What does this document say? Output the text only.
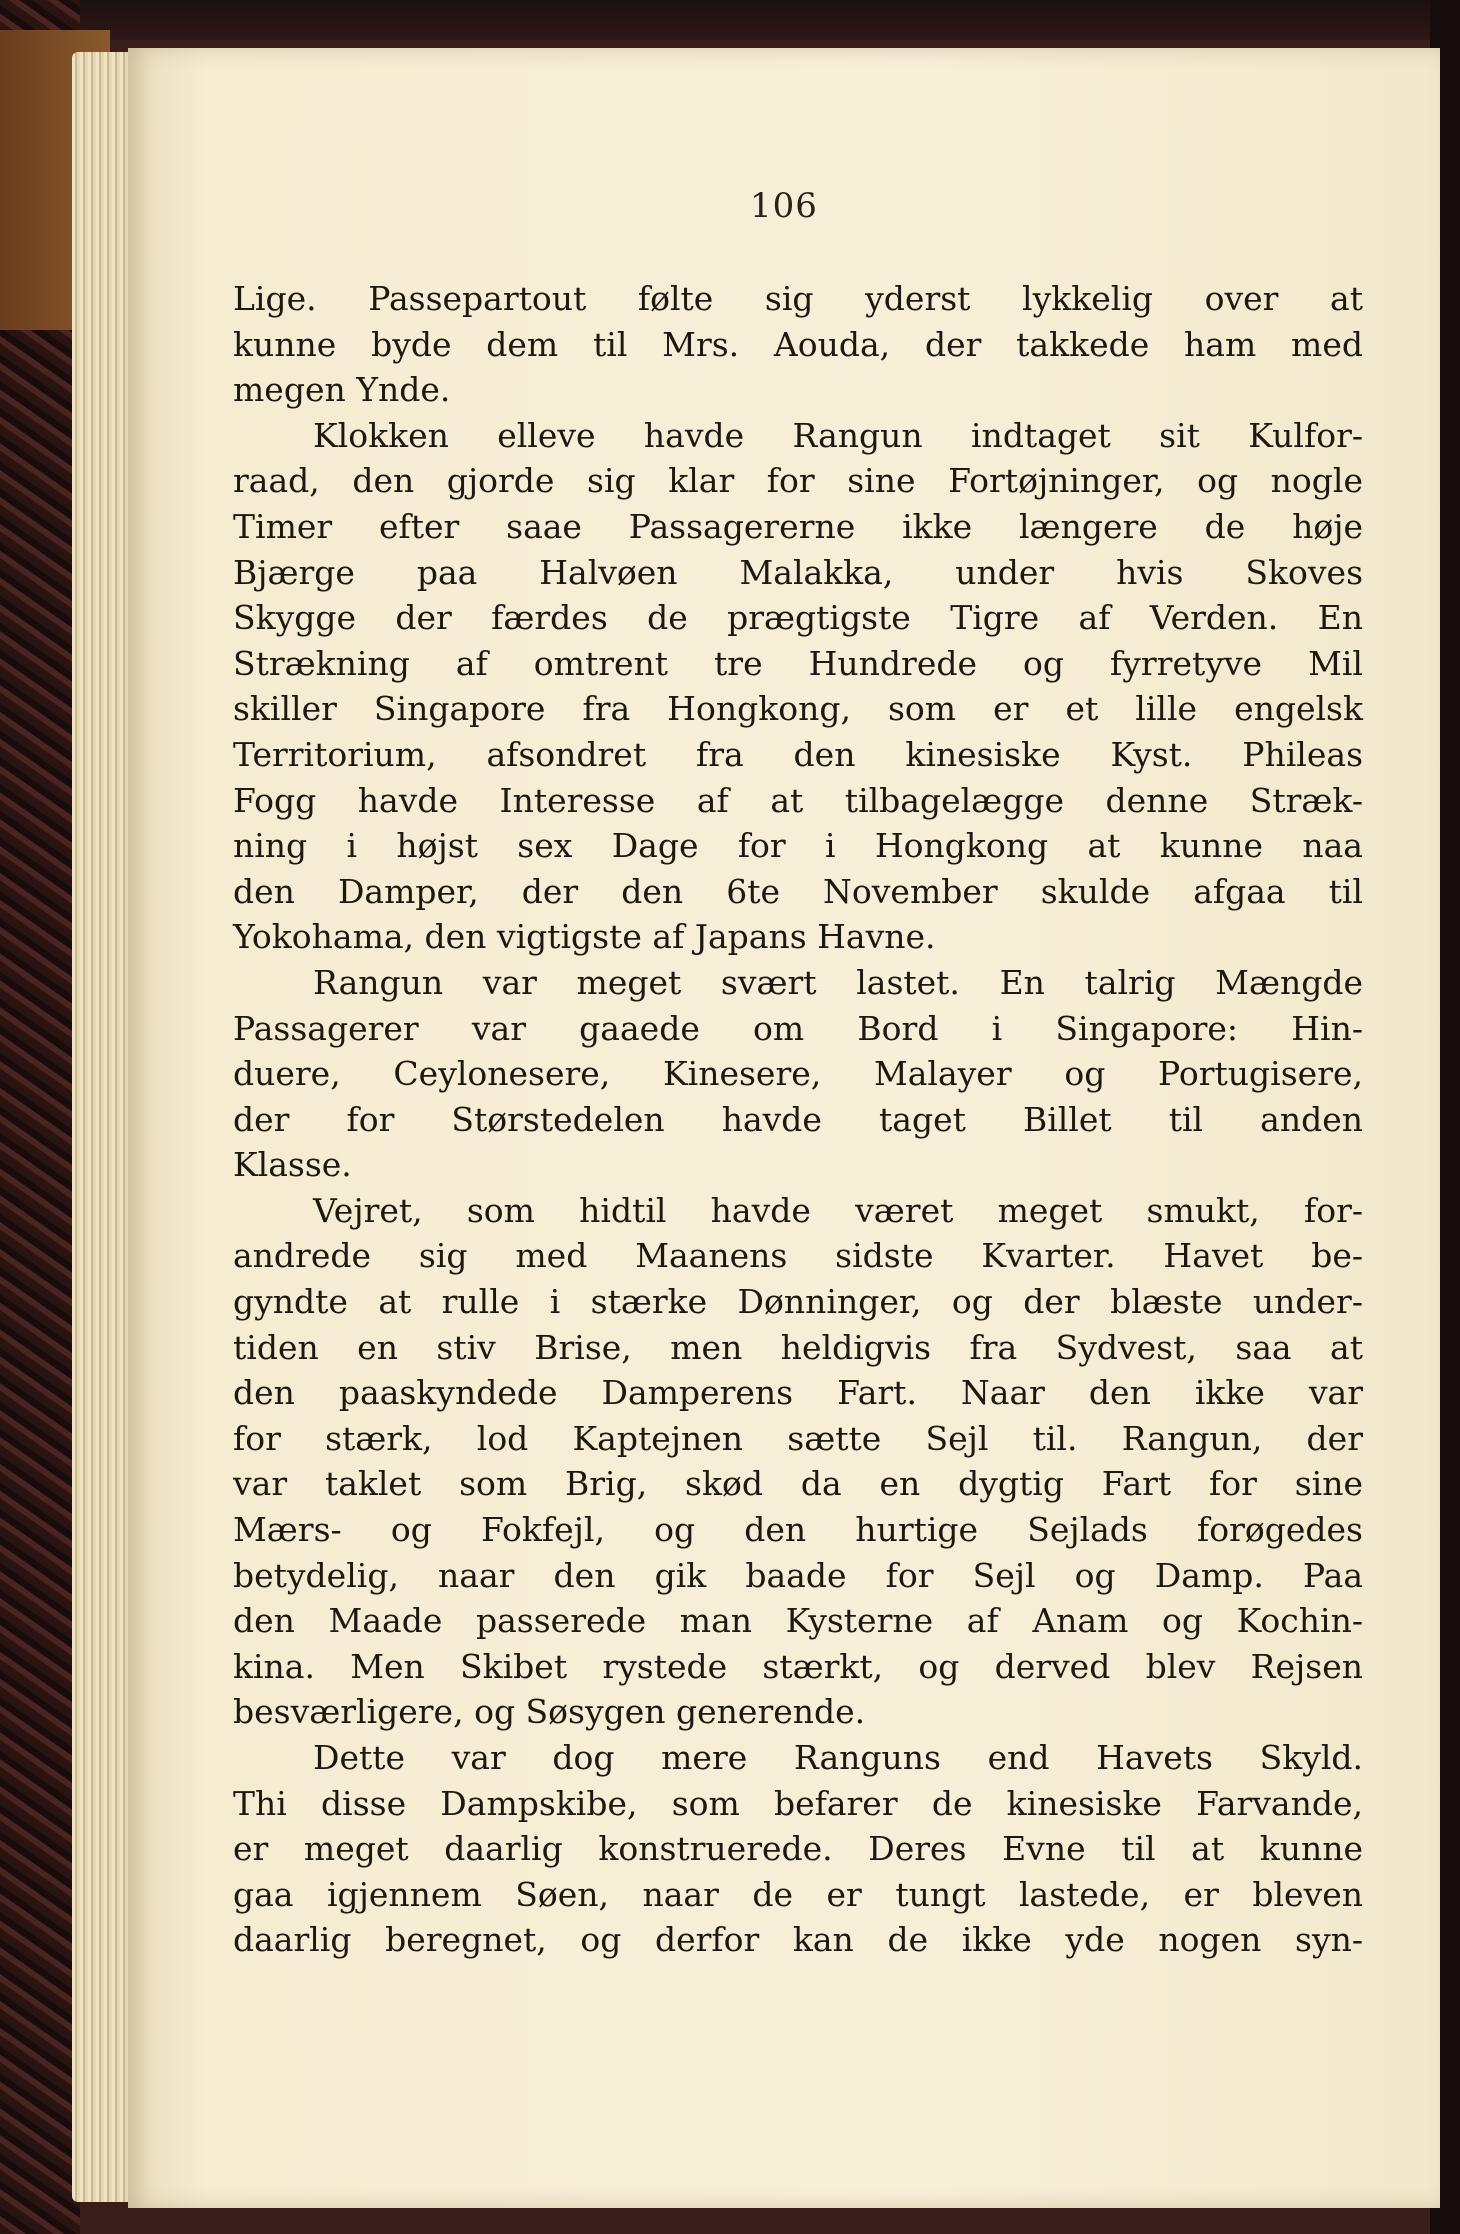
106
Lige. Passepartout følte sig yderst lykkelig over at
kunne byde dem til Mrs. Aouda, der takkede ham med
megen Ynde.
Klokken elleve havde Rangun indtaget sit Kulfor-
raad, den gjorde sig klar for sine Fortøjninger, og nogle
Timer efter saae Passagererne ikke længere de høje
Bjærge paa Halvøen Malakka, under hvis Skoves
Skygge der færdes de prægtigste Tigre af Verden. En
Strækning af omtrent tre Hundrede og fyrretyve Mil
skiller Singapore fra Hongkong, som er et lille engelsk
Territorium, afsondret fra den kinesiske Kyst. Phileas
Fogg havde Interesse af at tilbagelægge denne Stræk-
ning i højst sex Dage for i Hongkong at kunne naa
den Damper, der den 6te November skulde afgaa til
Yokohama, den vigtigste af Japans Havne.
Rangun var meget svært lastet. En talrig Mængde
Passagerer var gaaede om Bord i Singapore: Hin-
duere, Ceylonesere, Kinesere, Malayer og Portugisere,
der for Størstedelen havde taget Billet til anden
Klasse.
Vejret, som hidtil havde været meget smukt, for-
andrede sig med Maanens sidste Kvarter. Havet be-
gyndte at rulle i stærke Dønninger, og der blæste under-
tiden en stiv Brise, men heldigvis fra Sydvest, saa at
den paaskyndede Damperens Fart. Naar den ikke var
for stærk, lod Kaptejnen sætte Sejl til. Rangun, der
var taklet som Brig, skød da en dygtig Fart for sine
Mærs- og Fokfejl, og den hurtige Sejlads forøgedes
betydelig, naar den gik baade for Sejl og Damp. Paa
den Maade passerede man Kysterne af Anam og Kochin-
kina. Men Skibet rystede stærkt, og derved blev Rejsen
besværligere, og Søsygen generende.
Dette var dog mere Ranguns end Havets Skyld.
Thi disse Dampskibe, som befarer de kinesiske Farvande,
er meget daarlig konstruerede. Deres Evne til at kunne
gaa igjennem Søen, naar de er tungt lastede, er bleven
daarlig beregnet, og derfor kan de ikke yde nogen syn-
